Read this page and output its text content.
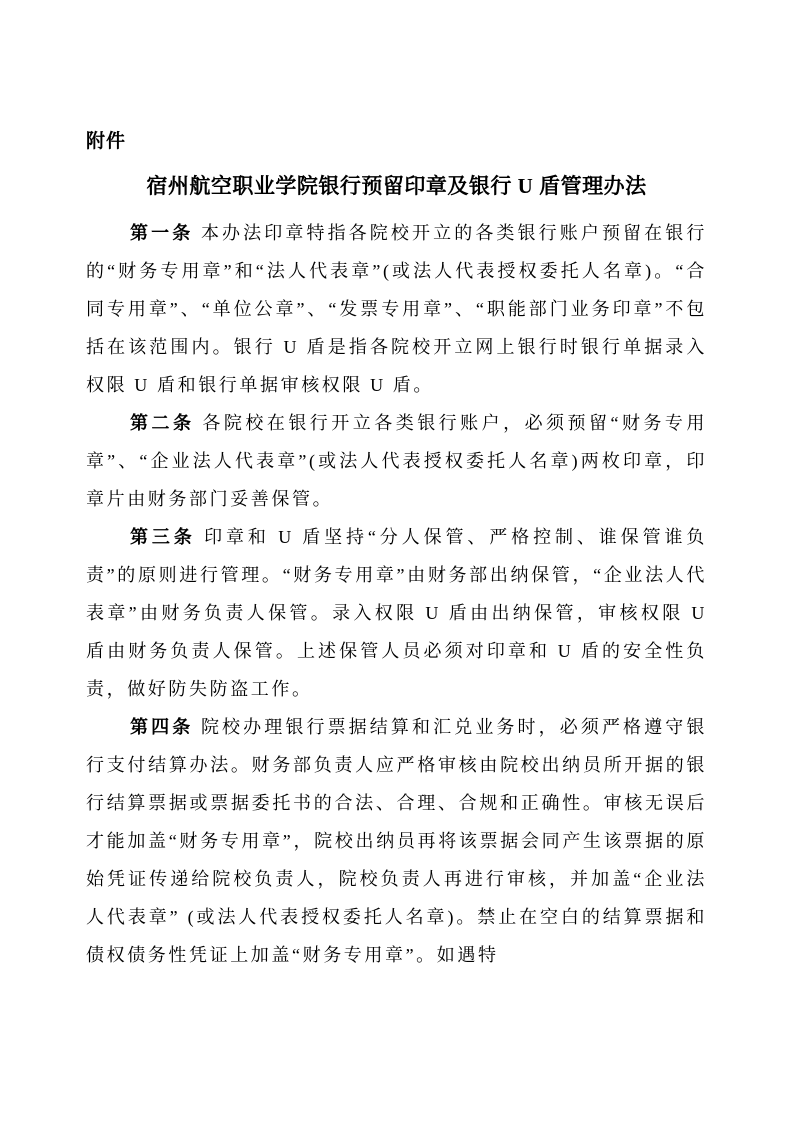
附件
宿州航空职业学院银行预留印章及银行 U 盾管理办法

第一条 本办法印章特指各院校开立的各类银行账户预留在银行的“财务专用章”和“法人代表章”(或法人代表授权委托人名章)。“合同专用章”、“单位公章”、“发票专用章”、“职能部门业务印章”不包括在该范围内。银行 U 盾是指各院校开立网上银行时银行单据录入权限 U 盾和银行单据审核权限 U 盾。

第二条 各院校在银行开立各类银行账户，必须预留“财务专用章”、“企业法人代表章”(或法人代表授权委托人名章)两枚印章，印章片由财务部门妥善保管。

第三条 印章和 U 盾坚持“分人保管、严格控制、谁保管谁负责”的原则进行管理。“财务专用章”由财务部出纳保管，“企业法人代表章”由财务负责人保管。录入权限 U 盾由出纳保管，审核权限 U 盾由财务负责人保管。上述保管人员必须对印章和 U 盾的安全性负责，做好防失防盗工作。

第四条 院校办理银行票据结算和汇兑业务时，必须严格遵守银行支付结算办法。财务部负责人应严格审核由院校出纳员所开据的银行结算票据或票据委托书的合法、合理、合规和正确性。审核无误后才能加盖“财务专用章”，院校出纳员再将该票据会同产生该票据的原始凭证传递给院校负责人，院校负责人再进行审核，并加盖“企业法人代表章” (或法人代表授权委托人名章)。禁止在空白的结算票据和债权债务性凭证上加盖“财务专用章”。如遇特
